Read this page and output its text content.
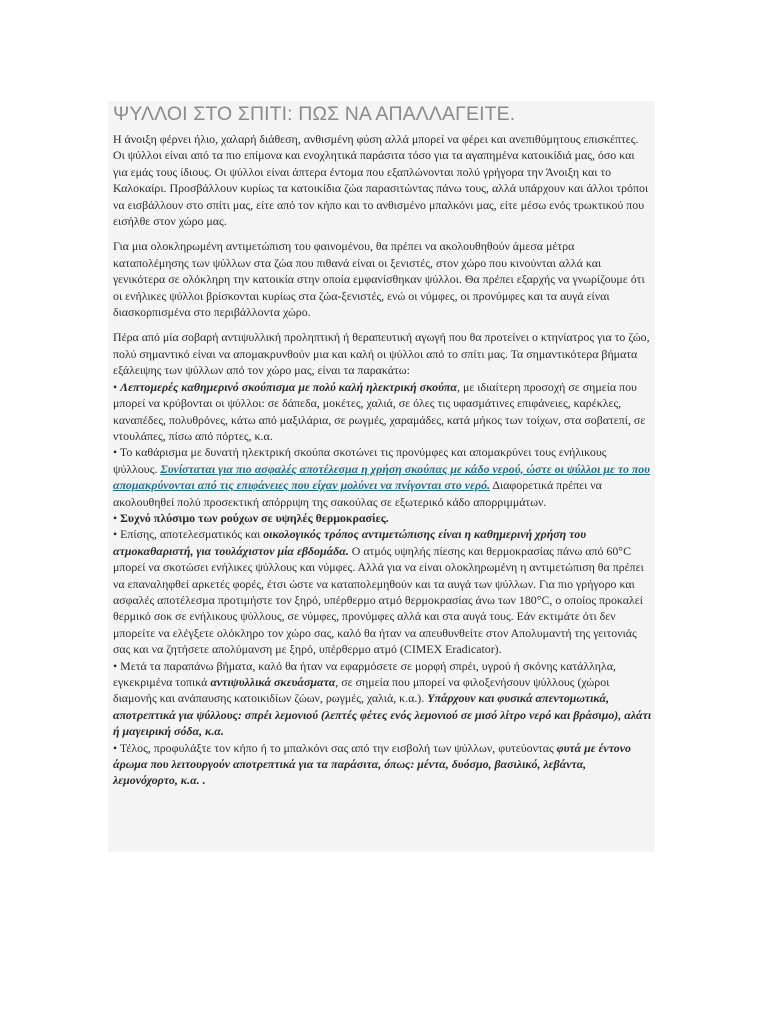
ΨΥΛΛΟΙ ΣΤΟ ΣΠΙΤΙ: ΠΩΣ ΝΑ ΑΠΑΛΛΑΓΕΙΤΕ.

Η άνοιξη φέρνει ήλιο, χαλαρή διάθεση, ανθισμένη φύση αλλά μπορεί να φέρει και ανεπιθύμητους επισκέπτες. Οι ψύλλοι είναι από τα πιο επίμονα και ενοχλητικά παράσιτα τόσο για τα αγαπημένα κατοικίδιά μας, όσο και για εμάς τους ίδιους. Οι ψύλλοι είναι άπτερα έντομα που εξαπλώνονται πολύ γρήγορα την Άνοιξη και το Καλοκαίρι. Προσβάλλουν κυρίως τα κατοικίδια ζώα παρασιτώντας πάνω τους, αλλά υπάρχουν και άλλοι τρόποι να εισβάλλουν στο σπίτι μας, είτε από τον κήπο και το ανθισμένο μπαλκόνι μας, είτε μέσω ενός τρωκτικού που εισήλθε στον χώρο μας.

Για μια ολοκληρωμένη αντιμετώπιση του φαινομένου, θα πρέπει να ακολουθηθούν άμεσα μέτρα καταπολέμησης των ψύλλων στα ζώα που πιθανά είναι οι ξενιστές, στον χώρο που κινούνται αλλά και γενικότερα σε ολόκληρη την κατοικία στην οποία εμφανίσθηκαν ψύλλοι. Θα πρέπει εξαρχής να γνωρίζουμε ότι οι ενήλικες ψύλλοι βρίσκονται κυρίως στα ζώα-ξενιστές, ενώ οι νύμφες, οι προνύμφες και τα αυγά είναι διασκορπισμένα στο περιβάλλοντα χώρο.

Πέρα από μία σοβαρή αντιψυλλική προληπτική ή θεραπευτική αγωγή που θα προτείνει ο κτηνίατρος για το ζώο, πολύ σημαντικό είναι να απομακρυνθούν μια και καλή οι ψύλλοι από το σπίτι μας. Τα σημαντικότερα βήματα εξάλειψης των ψύλλων από τον χώρο μας, είναι τα παρακάτω:

• Λεπτομερές καθημερινό σκούπισμα με πολύ καλή ηλεκτρική σκούπα, με ιδιαίτερη προσοχή σε σημεία που μπορεί να κρύβονται οι ψύλλοι: σε δάπεδα, μοκέτες, χαλιά, σε όλες τις υφασμάτινες επιφάνειες, καρέκλες, καναπέδες, πολυθρόνες, κάτω από μαξιλάρια, σε ρωγμές, χαραμάδες, κατά μήκος των τοίχων, στα σοβατεπί, σε ντουλάπες, πίσω από πόρτες, κ.α.

• Το καθάρισμα με δυνατή ηλεκτρική σκούπα σκοτώνει τις προνύμφες και απομακρύνει τους ενήλικους ψύλλους. Συνίσταται για πιο ασφαλές αποτέλεσμα η χρήση σκούπας με κάδο νερού, ώστε οι ψύλλοι με το που απομακρύνονται από τις επιφάνειες που είχαν μολύνει να πνίγονται στο νερό. Διαφορετικά πρέπει να ακολουθηθεί πολύ προσεκτική απόρριψη της σακούλας σε εξωτερικό κάδο απορριμμάτων.

• Συχνό πλύσιμο των ρούχων σε υψηλές θερμοκρασίες.

• Επίσης, αποτελεσματικός και οικολογικός τρόπος αντιμετώπισης είναι η καθημερινή χρήση του ατμοκαθαριστή, για τουλάχιστον μία εβδομάδα. Ο ατμός υψηλής πίεσης και θερμοκρασίας πάνω από 60°C μπορεί να σκοτώσει ενήλικες ψύλλους και νύμφες. Αλλά για να είναι ολοκληρωμένη η αντιμετώπιση θα πρέπει να επαναληφθεί αρκετές φορές, έτσι ώστε να καταπολεμηθούν και τα αυγά των ψύλλων. Για πιο γρήγορο και ασφαλές αποτέλεσμα προτιμήστε τον ξηρό, υπέρθερμο ατμό θερμοκρασίας άνω των 180°C, ο οποίος προκαλεί θερμικό σοκ σε ενήλικους ψύλλους, σε νύμφες, προνύμφες αλλά και στα αυγά τους. Εάν εκτιμάτε ότι δεν μπορείτε να ελέγξετε ολόκληρο τον χώρο σας, καλό θα ήταν να απευθυνθείτε στον Απολυμαντή της γειτονιάς σας και να ζητήσετε απολύμανση με ξηρό, υπέρθερμο ατμό (CIMEX Eradicator).

• Μετά τα παραπάνω βήματα, καλό θα ήταν να εφαρμόσετε σε μορφή σπρέι, υγρού ή σκόνης κατάλληλα, εγκεκριμένα τοπικά αντιψυλλικά σκευάσματα, σε σημεία που μπορεί να φιλοξενήσουν ψύλλους (χώροι διαμονής και ανάπαυσης κατοικιδίων ζώων, ρωγμές, χαλιά, κ.α.). Υπάρχουν και φυσικά απεντομωτικά, αποτρεπτικά για ψύλλους: σπρέι λεμονιού (λεπτές φέτες ενός λεμονιού σε μισό λίτρο νερό και βράσιμο), αλάτι ή μαγειρική σόδα, κ.α.

• Τέλος, προφυλάξτε τον κήπο ή το μπαλκόνι σας από την εισβολή των ψύλλων, φυτεύοντας φυτά με έντονο άρωμα που λειτουργούν αποτρεπτικά για τα παράσιτα, όπως: μέντα, δυόσμο, βασιλικό, λεβάντα, λεμονόχορτο, κ.α. .
